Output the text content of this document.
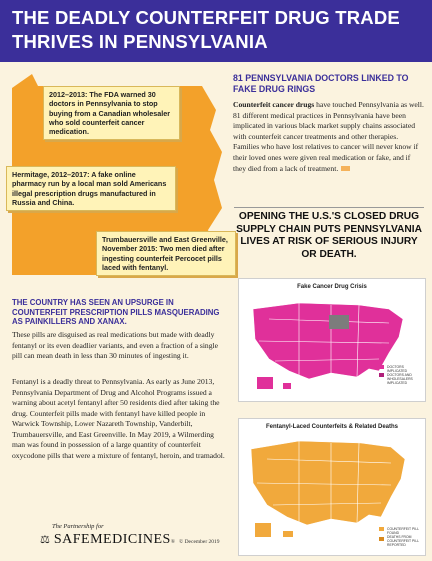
THE DEADLY COUNTERFEIT DRUG TRADE THRIVES IN PENNSYLVANIA
2012–2013: The FDA warned 30 doctors in Pennsylvania to stop buying from a Canadian wholesaler who sold counterfeit cancer medication.
Hermitage, 2012–2017: A fake online pharmacy run by a local man sold Americans illegal prescription drugs manufactured in Russia and China.
Trumbauersville and East Greenville, November 2015: Two men died after ingesting counterfeit Percocet pills laced with fentanyl.
81 PENNSYLVANIA DOCTORS LINKED TO FAKE DRUG RINGS
Counterfeit cancer drugs have touched Pennsylvania as well. 81 different medical practices in Pennsylvania have been implicated in various black market supply chains associated with counterfeit cancer treatments and other therapies. Families who have lost relatives to cancer will never know if their loved ones were given real medication or fake, and if they died from a lack of treatment.
OPENING THE U.S.'S CLOSED DRUG SUPPLY CHAIN PUTS PENNSYLVANIA LIVES AT RISK OF SERIOUS INJURY OR DEATH.
THE COUNTRY HAS SEEN AN UPSURGE IN COUNTERFEIT PRESCRIPTION PILLS MASQUERADING AS PAINKILLERS AND XANAX.
These pills are disguised as real medications but made with deadly fentanyl or its even deadlier variants, and even a fraction of a single pill can mean death in less than 30 minutes of ingesting it.
Fentanyl is a deadly threat to Pennsylvania. As early as June 2013, Pennsylvania Department of Drug and Alcohol Programs issued a warning about acetyl fentanyl after 50 residents died after taking the drug. Counterfeit pills made with fentanyl have killed people in Warwick Township, Lower Nazareth Township, Vanderbilt, Trumbauersville, and East Greenville. In May 2019, a Wilmerding man was found in possession of a large quantity of counterfeit oxycodone pills that were a mixture of fentanyl, heroin, and tramadol.
Fake Cancer Drug Crisis
DOCTORS IMPLICATED
DOCTORS AND WHOLESALERS IMPLICATED
Fentanyl-Laced Counterfeits & Related Deaths
COUNTERFEIT PILL FOUND
DEATHS FROM COUNTERFEIT PILL REPORTED
The Partnership for
⚖ SAFEMEDICINES® © December 2019
